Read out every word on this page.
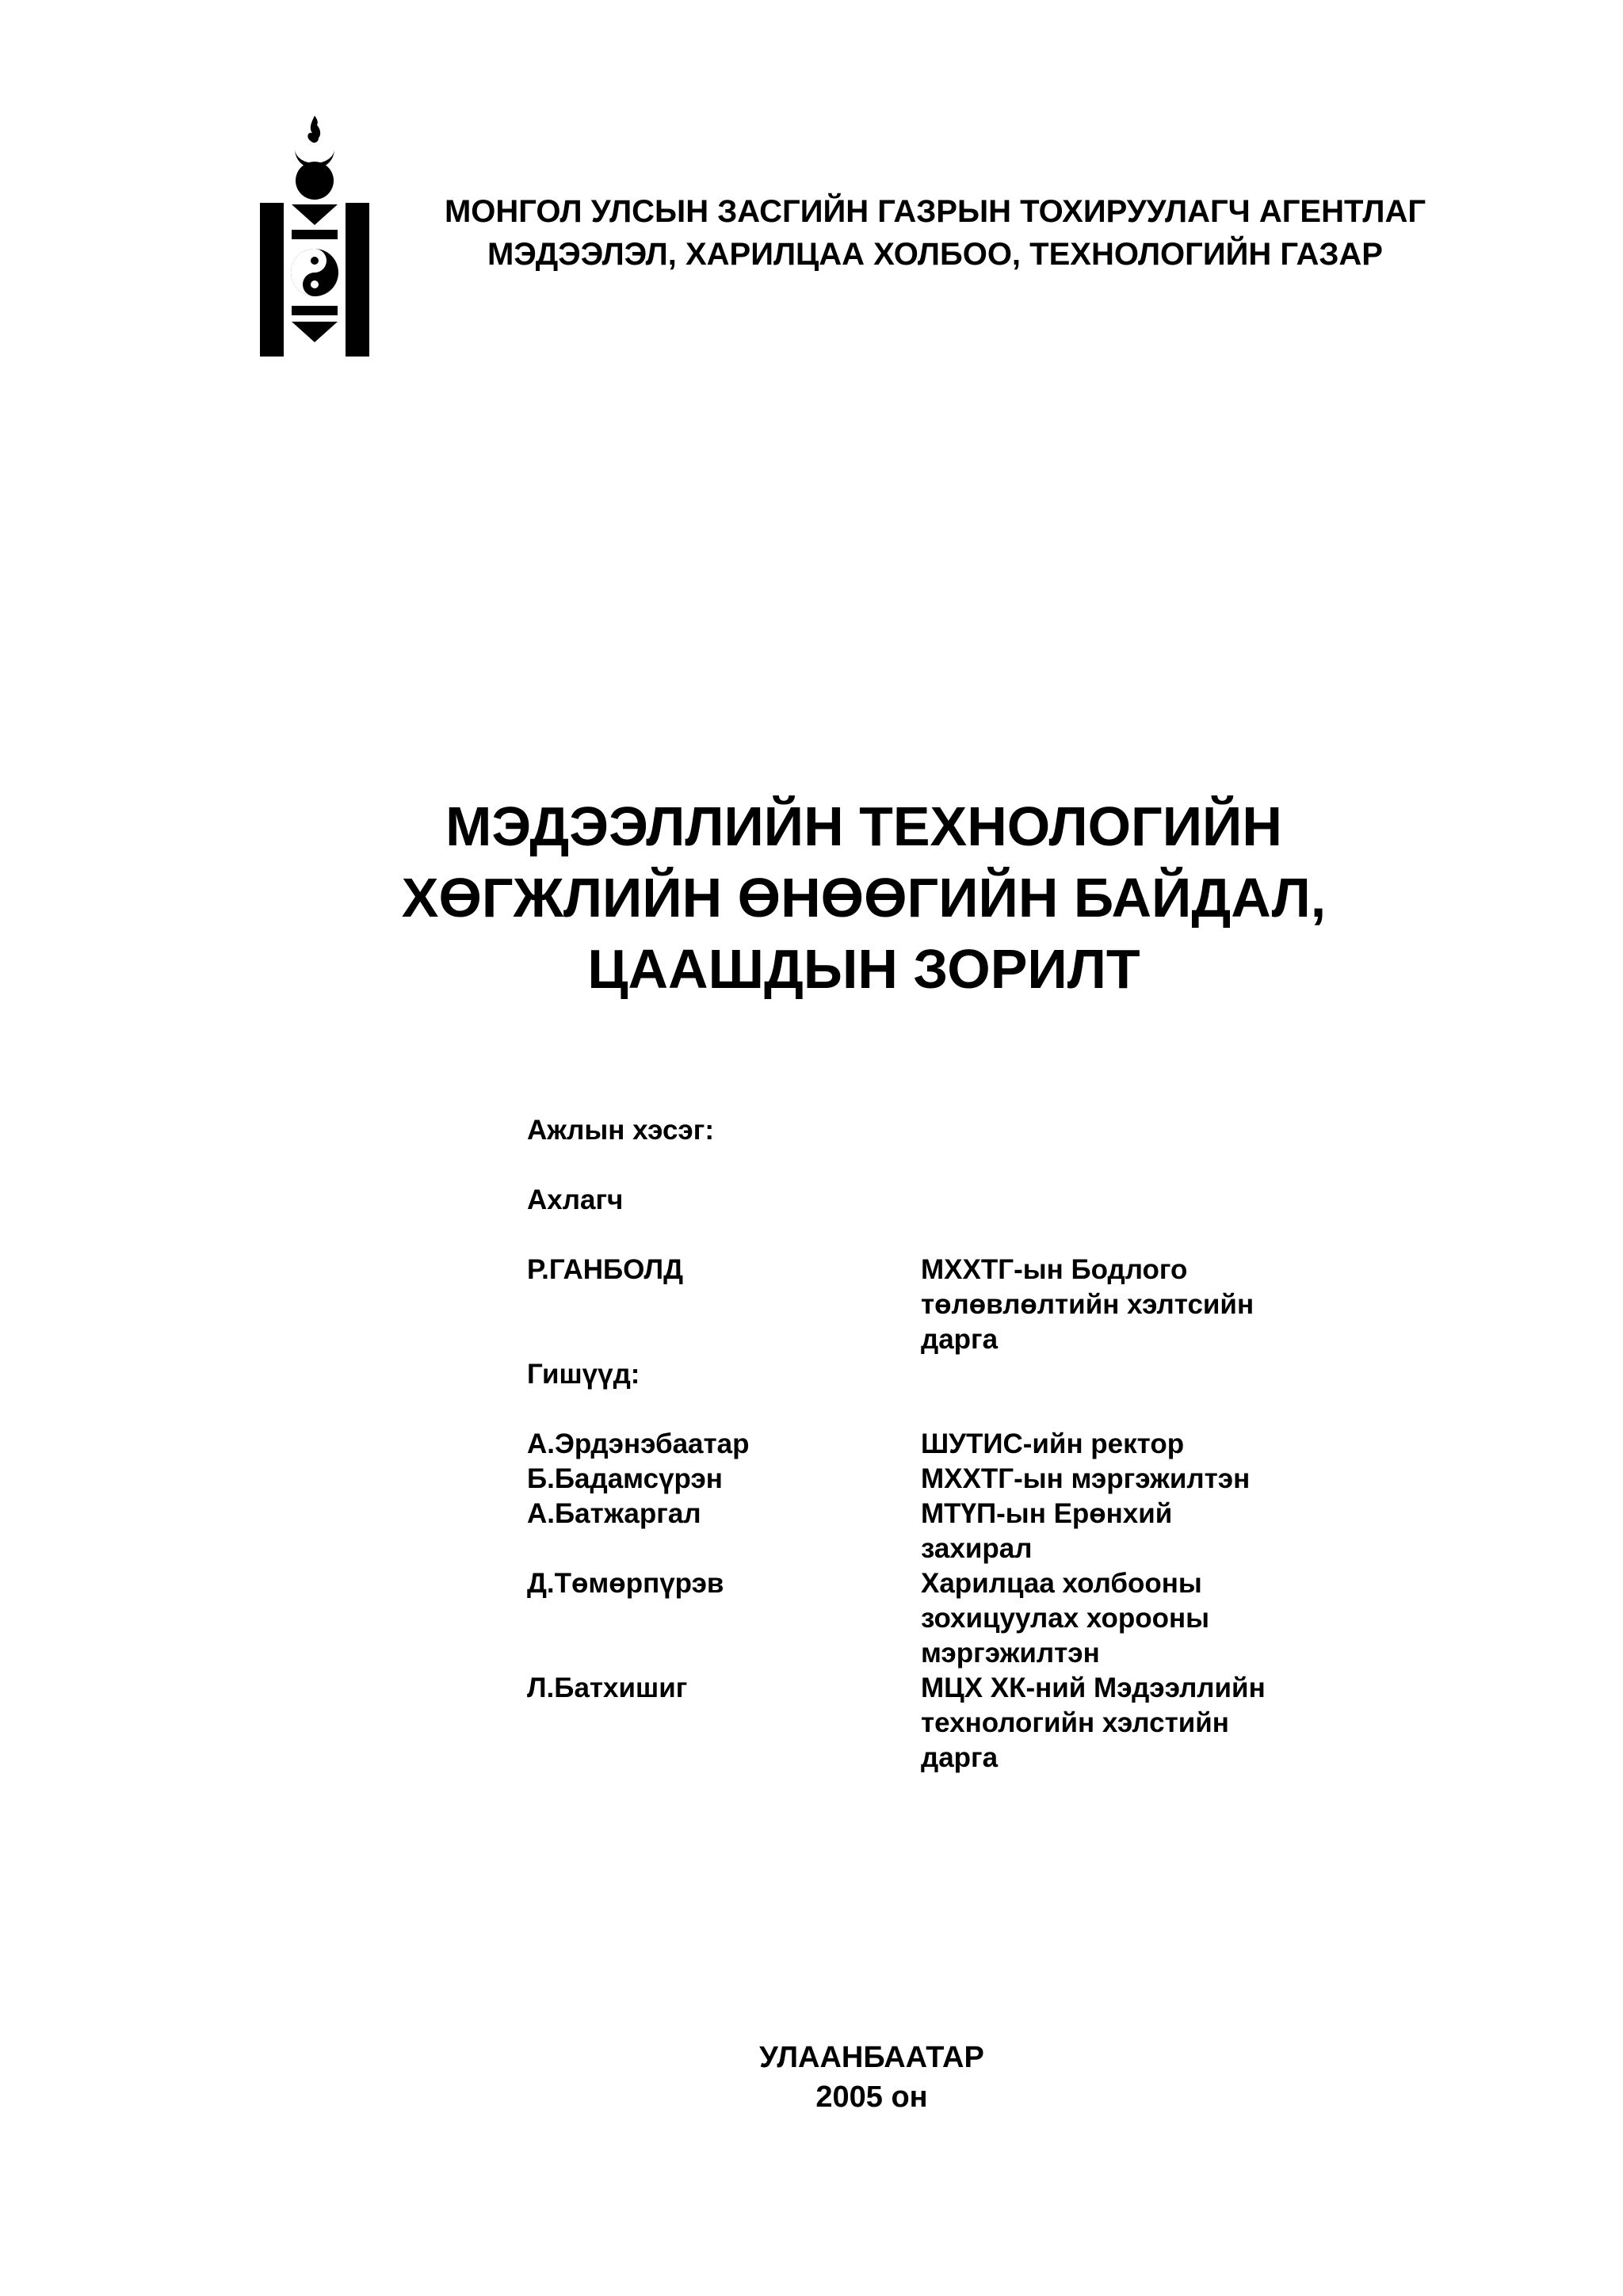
МОНГОЛ УЛСЫН ЗАСГИЙН ГАЗРЫН ТОХИРУУЛАГЧ АГЕНТЛАГ
МЭДЭЭЛЭЛ, ХАРИЛЦАА ХОЛБОО, ТЕХНОЛОГИЙН ГАЗАР
МЭДЭЭЛЛИЙН ТЕХНОЛОГИЙН
ХӨГЖЛИЙН ӨНӨӨГИЙН БАЙДАЛ,
ЦААШДЫН ЗОРИЛТ
Ажлын хэсэг:
Ахлагч
Р.ГАНБОЛД	МХХТГ-ын Бодлого
төлөвлөлтийн хэлтсийн
дарга
Гишүүд:
А.Эрдэнэбаатар	ШУТИС-ийн ректор
Б.Бадамсүрэн	МХХТГ-ын мэргэжилтэн
А.Батжаргал	МТҮП-ын Ерөнхий
захирал
Д.Төмөрпүрэв	Харилцаа холбооны
зохицуулах хорооны
мэргэжилтэн
Л.Батхишиг	МЦХ ХК-ний Мэдээллийн
технологийн хэлстийн
дарга
УЛААНБААТАР
2005 он
